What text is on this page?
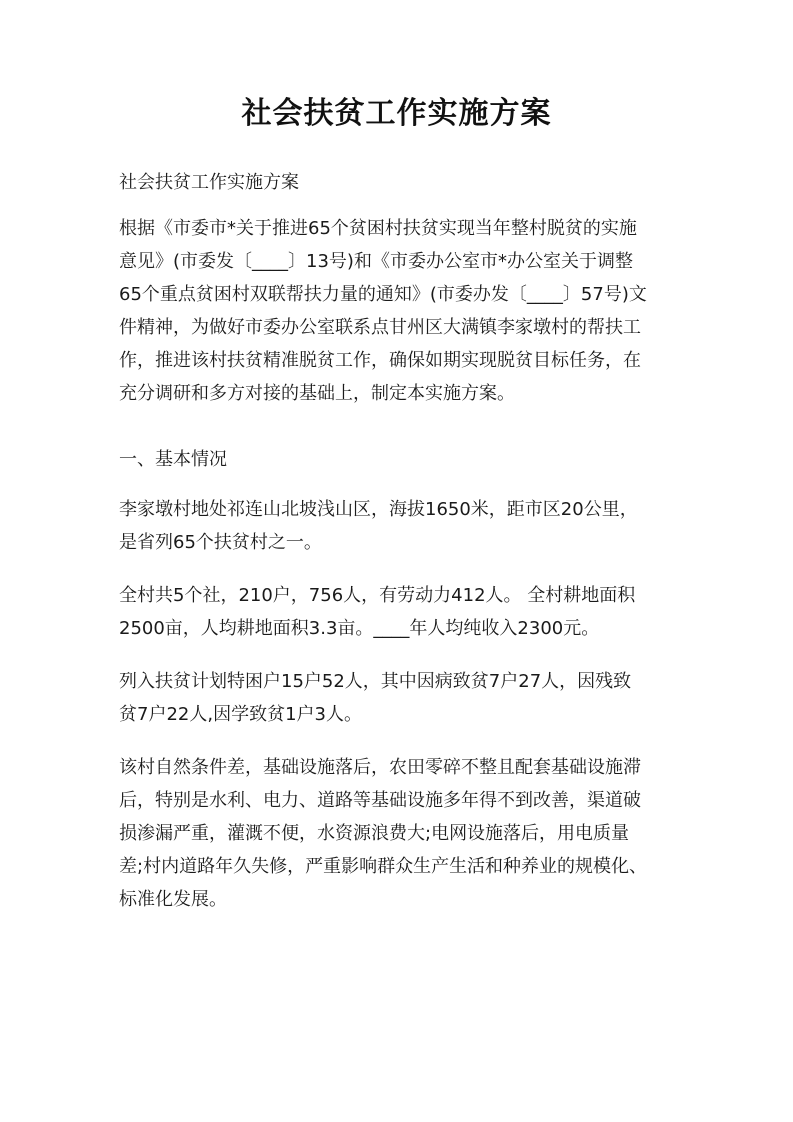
社会扶贫工作实施方案

社会扶贫工作实施方案

根据《市委市*关于推进65个贫困村扶贫实现当年整村脱贫的实施
意见》(市委发〔____〕13号)和《市委办公室市*办公室关于调整
65个重点贫困村双联帮扶力量的通知》(市委办发〔____〕57号)文
件精神，为做好市委办公室联系点甘州区大满镇李家墩村的帮扶工
作，推进该村扶贫精准脱贫工作，确保如期实现脱贫目标任务，在
充分调研和多方对接的基础上，制定本实施方案。

一、基本情况

李家墩村地处祁连山北坡浅山区，海拔1650米，距市区20公里，
是省列65个扶贫村之一。

全村共5个社，210户，756人，有劳动力412人。 全村耕地面积
2500亩，人均耕地面积3.3亩。____年人均纯收入2300元。

列入扶贫计划特困户15户52人，其中因病致贫7户27人，因残致
贫7户22人,因学致贫1户3人。

该村自然条件差，基础设施落后，农田零碎不整且配套基础设施滞
后，特别是水利、电力、道路等基础设施多年得不到改善，渠道破
损渗漏严重，灌溉不便，水资源浪费大;电网设施落后，用电质量
差;村内道路年久失修，严重影响群众生产生活和种养业的规模化、
标准化发展。
